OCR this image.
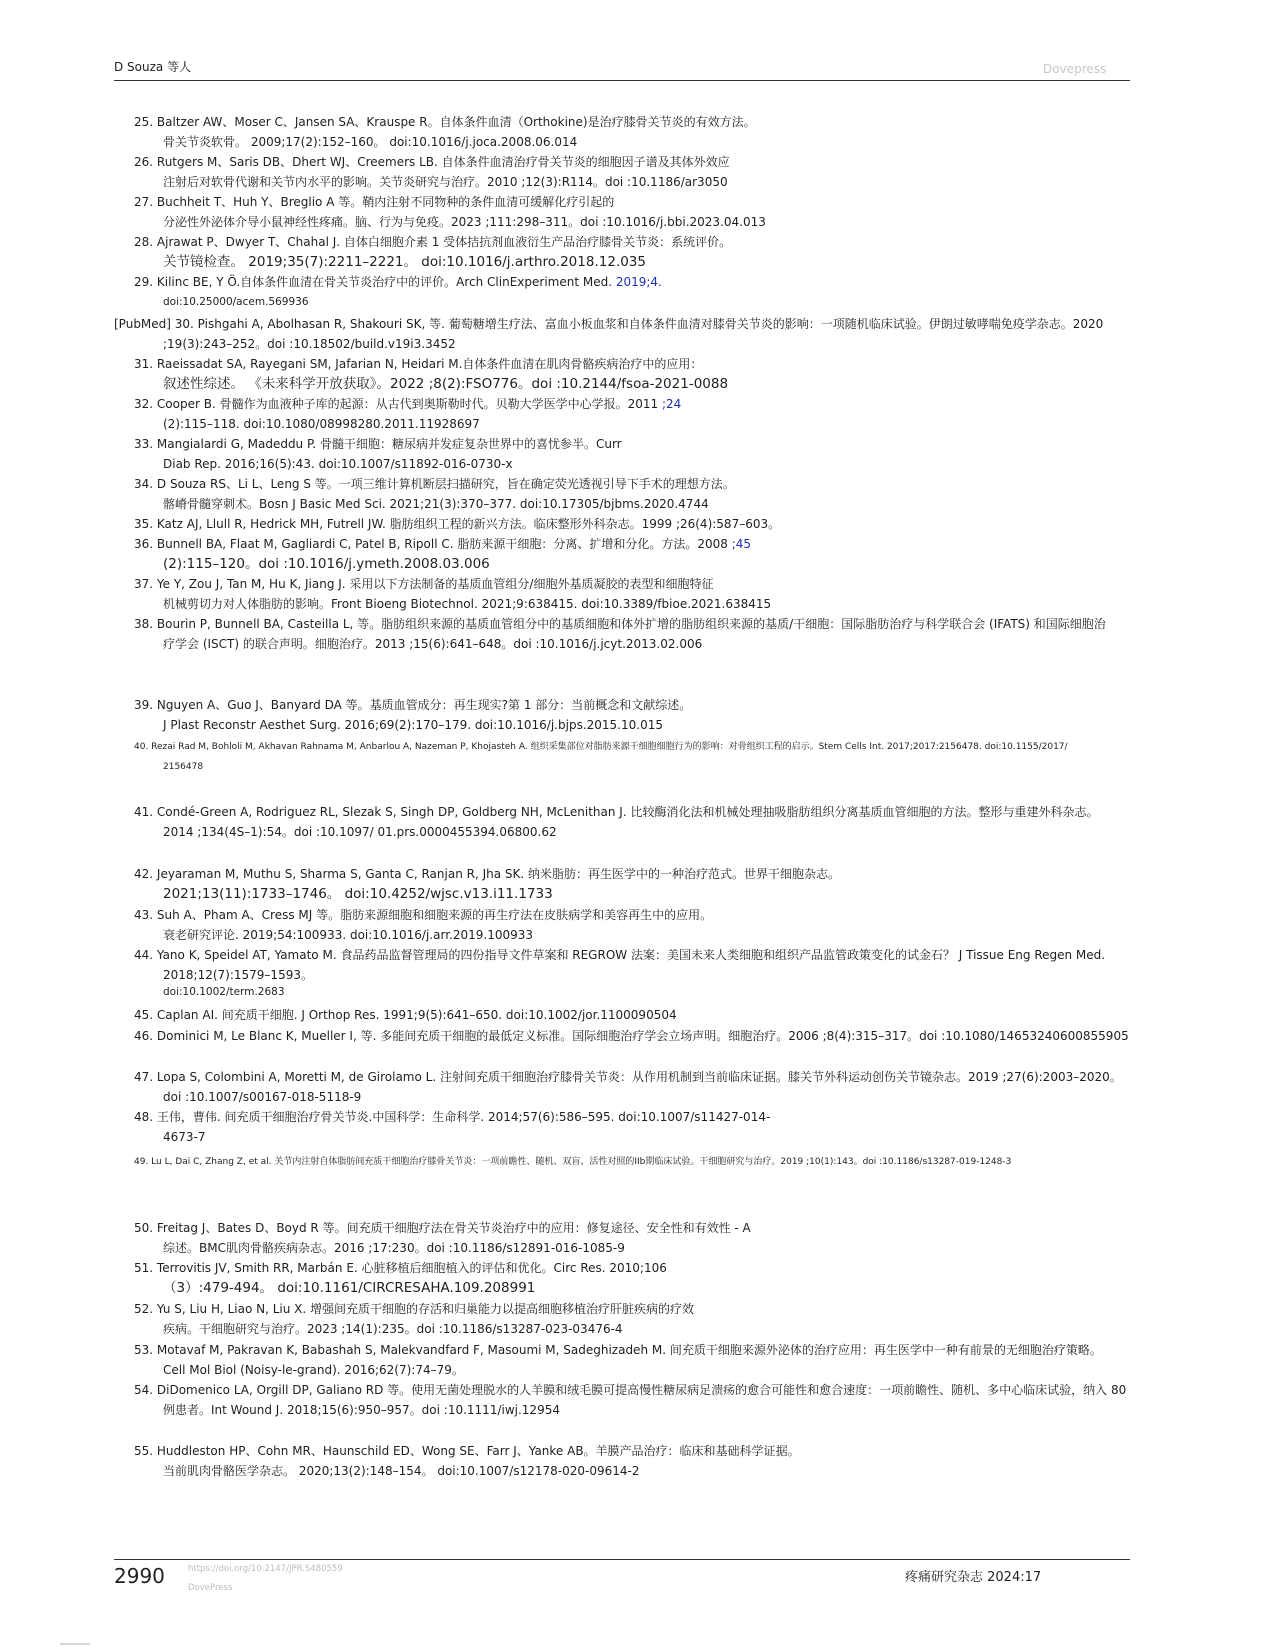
D Souza 等人	Dovepress
25. Baltzer AW、Moser C、Jansen SA、Krauspe R。自体条件血清（Orthokine)是治疗膝骨关节炎的有效方法。
骨关节炎软骨。 2009;17(2):152–160。 doi:10.1016/j.joca.2008.06.014
26. Rutgers M、Saris DB、Dhert WJ、Creemers LB. 自体条件血清治疗骨关节炎的细胞因子谱及其体外效应
注射后对软骨代谢和关节内水平的影响。关节炎研究与治疗。2010 ;12(3):R114。doi :10.1186/ar3050
27. Buchheit T、Huh Y、Breglio A 等。鞘内注射不同物种的条件血清可缓解化疗引起的
分泌性外泌体介导小鼠神经性疼痛。脑、行为与免疫。2023 ;111:298–311。doi :10.1016/j.bbi.2023.04.013
28. Ajrawat P、Dwyer T、Chahal J. 自体白细胞介素 1 受体拮抗剂血液衍生产品治疗膝骨关节炎：系统评价。
关节镜检查。 2019;35(7):2211–2221。 doi:10.1016/j.arthro.2018.12.035
29. Kilinc BE, Y Ö.自体条件血清在骨关节炎治疗中的评价。Arch ClinExperiment Med. 2019;4.
doi:10.25000/acem.569936
[PubMed] 30. Pishgahi A, Abolhasan R, Shakouri SK, 等. 葡萄糖增生疗法、富血小板血浆和自体条件血清对膝骨关节炎的影响：一项随机临床试验。伊朗过敏哮喘免疫学杂志。2020
;19(3):243–252。doi :10.18502/build.v19i3.3452
31. Raeissadat SA, Rayegani SM, Jafarian N, Heidari M.自体条件血清在肌肉骨骼疾病治疗中的应用：
叙述性综述。 《未来科学开放获取》。2022 ;8(2):FSO776。doi :10.2144/fsoa-2021-0088
32. Cooper B. 骨髓作为血液种子库的起源：从古代到奥斯勒时代。贝勒大学医学中心学报。2011 ;24
(2):115–118. doi:10.1080/08998280.2011.11928697
33. Mangialardi G, Madeddu P. 骨髓干细胞：糖尿病并发症复杂世界中的喜忧参半。Curr
Diab Rep. 2016;16(5):43. doi:10.1007/s11892-016-0730-x
34. D Souza RS、Li L、Leng S 等。一项三维计算机断层扫描研究，旨在确定荧光透视引导下手术的理想方法。
髂嵴骨髓穿刺术。Bosn J Basic Med Sci. 2021;21(3):370–377. doi:10.17305/bjbms.2020.4744
35. Katz AJ, Llull R, Hedrick MH, Futrell JW. 脂肪组织工程的新兴方法。临床整形外科杂志。1999 ;26(4):587–603。
36. Bunnell BA, Flaat M, Gagliardi C, Patel B, Ripoll C. 脂肪来源干细胞：分离、扩增和分化。方法。2008 ;45
(2):115–120。doi :10.1016/j.ymeth.2008.03.006
37. Ye Y, Zou J, Tan M, Hu K, Jiang J. 采用以下方法制备的基质血管组分/细胞外基质凝胶的表型和细胞特征
机械剪切力对人体脂肪的影响。Front Bioeng Biotechnol. 2021;9:638415. doi:10.3389/fbioe.2021.638415
38. Bourin P, Bunnell BA, Casteilla L, 等。脂肪组织来源的基质血管组分中的基质细胞和体外扩增的脂肪组织来源的基质/干细胞：国际脂肪治疗与科学联合会 (IFATS) 和国际细胞治
疗学会 (ISCT) 的联合声明。细胞治疗。2013 ;15(6):641–648。doi :10.1016/j.jcyt.2013.02.006
39. Nguyen A、Guo J、Banyard DA 等。基质血管成分：再生现实?第 1 部分：当前概念和文献综述。
J Plast Reconstr Aesthet Surg. 2016;69(2):170–179. doi:10.1016/j.bjps.2015.10.015
40. Rezai Rad M, Bohloli M, Akhavan Rahnama M, Anbarlou A, Nazeman P, Khojasteh A. 组织采集部位对脂肪来源干细胞细胞行为的影响：对骨组织工程的启示。Stem Cells Int. 2017;2017:2156478. doi:10.1155/2017/
2156478
41. Condé-Green A, Rodriguez RL, Slezak S, Singh DP, Goldberg NH, McLenithan J. 比较酶消化法和机械处理抽吸脂肪组织分离基质血管细胞的方法。整形与重建外科杂志。
2014 ;134(4S–1):54。doi :10.1097/ 01.prs.0000455394.06800.62
42. Jeyaraman M, Muthu S, Sharma S, Ganta C, Ranjan R, Jha SK. 纳米脂肪：再生医学中的一种治疗范式。世界干细胞杂志。
2021;13(11):1733–1746。 doi:10.4252/wjsc.v13.i11.1733
43. Suh A、Pham A、Cress MJ 等。脂肪来源细胞和细胞来源的再生疗法在皮肤病学和美容再生中的应用。
衰老研究评论. 2019;54:100933. doi:10.1016/j.arr.2019.100933
44. Yano K, Speidel AT, Yamato M. 食品药品监督管理局的四份指导文件草案和 REGROW 法案：美国未来人类细胞和组织产品监管政策变化的试金石？ J Tissue Eng Regen Med.
2018;12(7):1579–1593。
doi:10.1002/term.2683
45. Caplan AI. 间充质干细胞. J Orthop Res. 1991;9(5):641–650. doi:10.1002/jor.1100090504
46. Dominici M, Le Blanc K, Mueller I, 等. 多能间充质干细胞的最低定义标准。国际细胞治疗学会立场声明。细胞治疗。2006 ;8(4):315–317。doi :10.1080/14653240600855905
47. Lopa S, Colombini A, Moretti M, de Girolamo L. 注射间充质干细胞治疗膝骨关节炎：从作用机制到当前临床证据。膝关节外科运动创伤关节镜杂志。2019 ;27(6):2003–2020。
doi :10.1007/s00167-018-5118-9
48. 王伟，曹伟. 间充质干细胞治疗骨关节炎.中国科学：生命科学. 2014;57(6):586–595. doi:10.1007/s11427-014-
4673-7
49. Lu L, Dai C, Zhang Z, et al. 关节内注射自体脂肪间充质干细胞治疗膝骨关节炎：一项前瞻性、随机、双盲、活性对照的IIb期临床试验。干细胞研究与治疗。2019 ;10(1):143。doi :10.1186/s13287-019-1248-3
50. Freitag J、Bates D、Boyd R 等。间充质干细胞疗法在骨关节炎治疗中的应用：修复途径、安全性和有效性 - A
综述。BMC肌肉骨骼疾病杂志。2016 ;17:230。doi :10.1186/s12891-016-1085-9
51. Terrovitis JV, Smith RR, Marbán E. 心脏移植后细胞植入的评估和优化。Circ Res. 2010;106
（3）:479-494。 doi:10.1161/CIRCRESAHA.109.208991
52. Yu S, Liu H, Liao N, Liu X. 增强间充质干细胞的存活和归巢能力以提高细胞移植治疗肝脏疾病的疗效
疾病。干细胞研究与治疗。2023 ;14(1):235。doi :10.1186/s13287-023-03476-4
53. Motavaf M, Pakravan K, Babashah S, Malekvandfard F, Masoumi M, Sadeghizadeh M. 间充质干细胞来源外泌体的治疗应用：再生医学中一种有前景的无细胞治疗策略。
Cell Mol Biol (Noisy-le-grand). 2016;62(7):74–79。
54. DiDomenico LA, Orgill DP, Galiano RD 等。使用无菌处理脱水的人羊膜和绒毛膜可提高慢性糖尿病足溃疡的愈合可能性和愈合速度：一项前瞻性、随机、多中心临床试验，纳入 80
例患者。Int Wound J. 2018;15(6):950–957。doi :10.1111/iwj.12954
55. Huddleston HP、Cohn MR、Haunschild ED、Wong SE、Farr J、Yanke AB。羊膜产品治疗：临床和基础科学证据。
当前肌肉骨骼医学杂志。 2020;13(2):148–154。 doi:10.1007/s12178-020-09614-2
2990	https://doi.org/10.2147/JPR.S480559
DovePress
疼痛研究杂志 2024:17
